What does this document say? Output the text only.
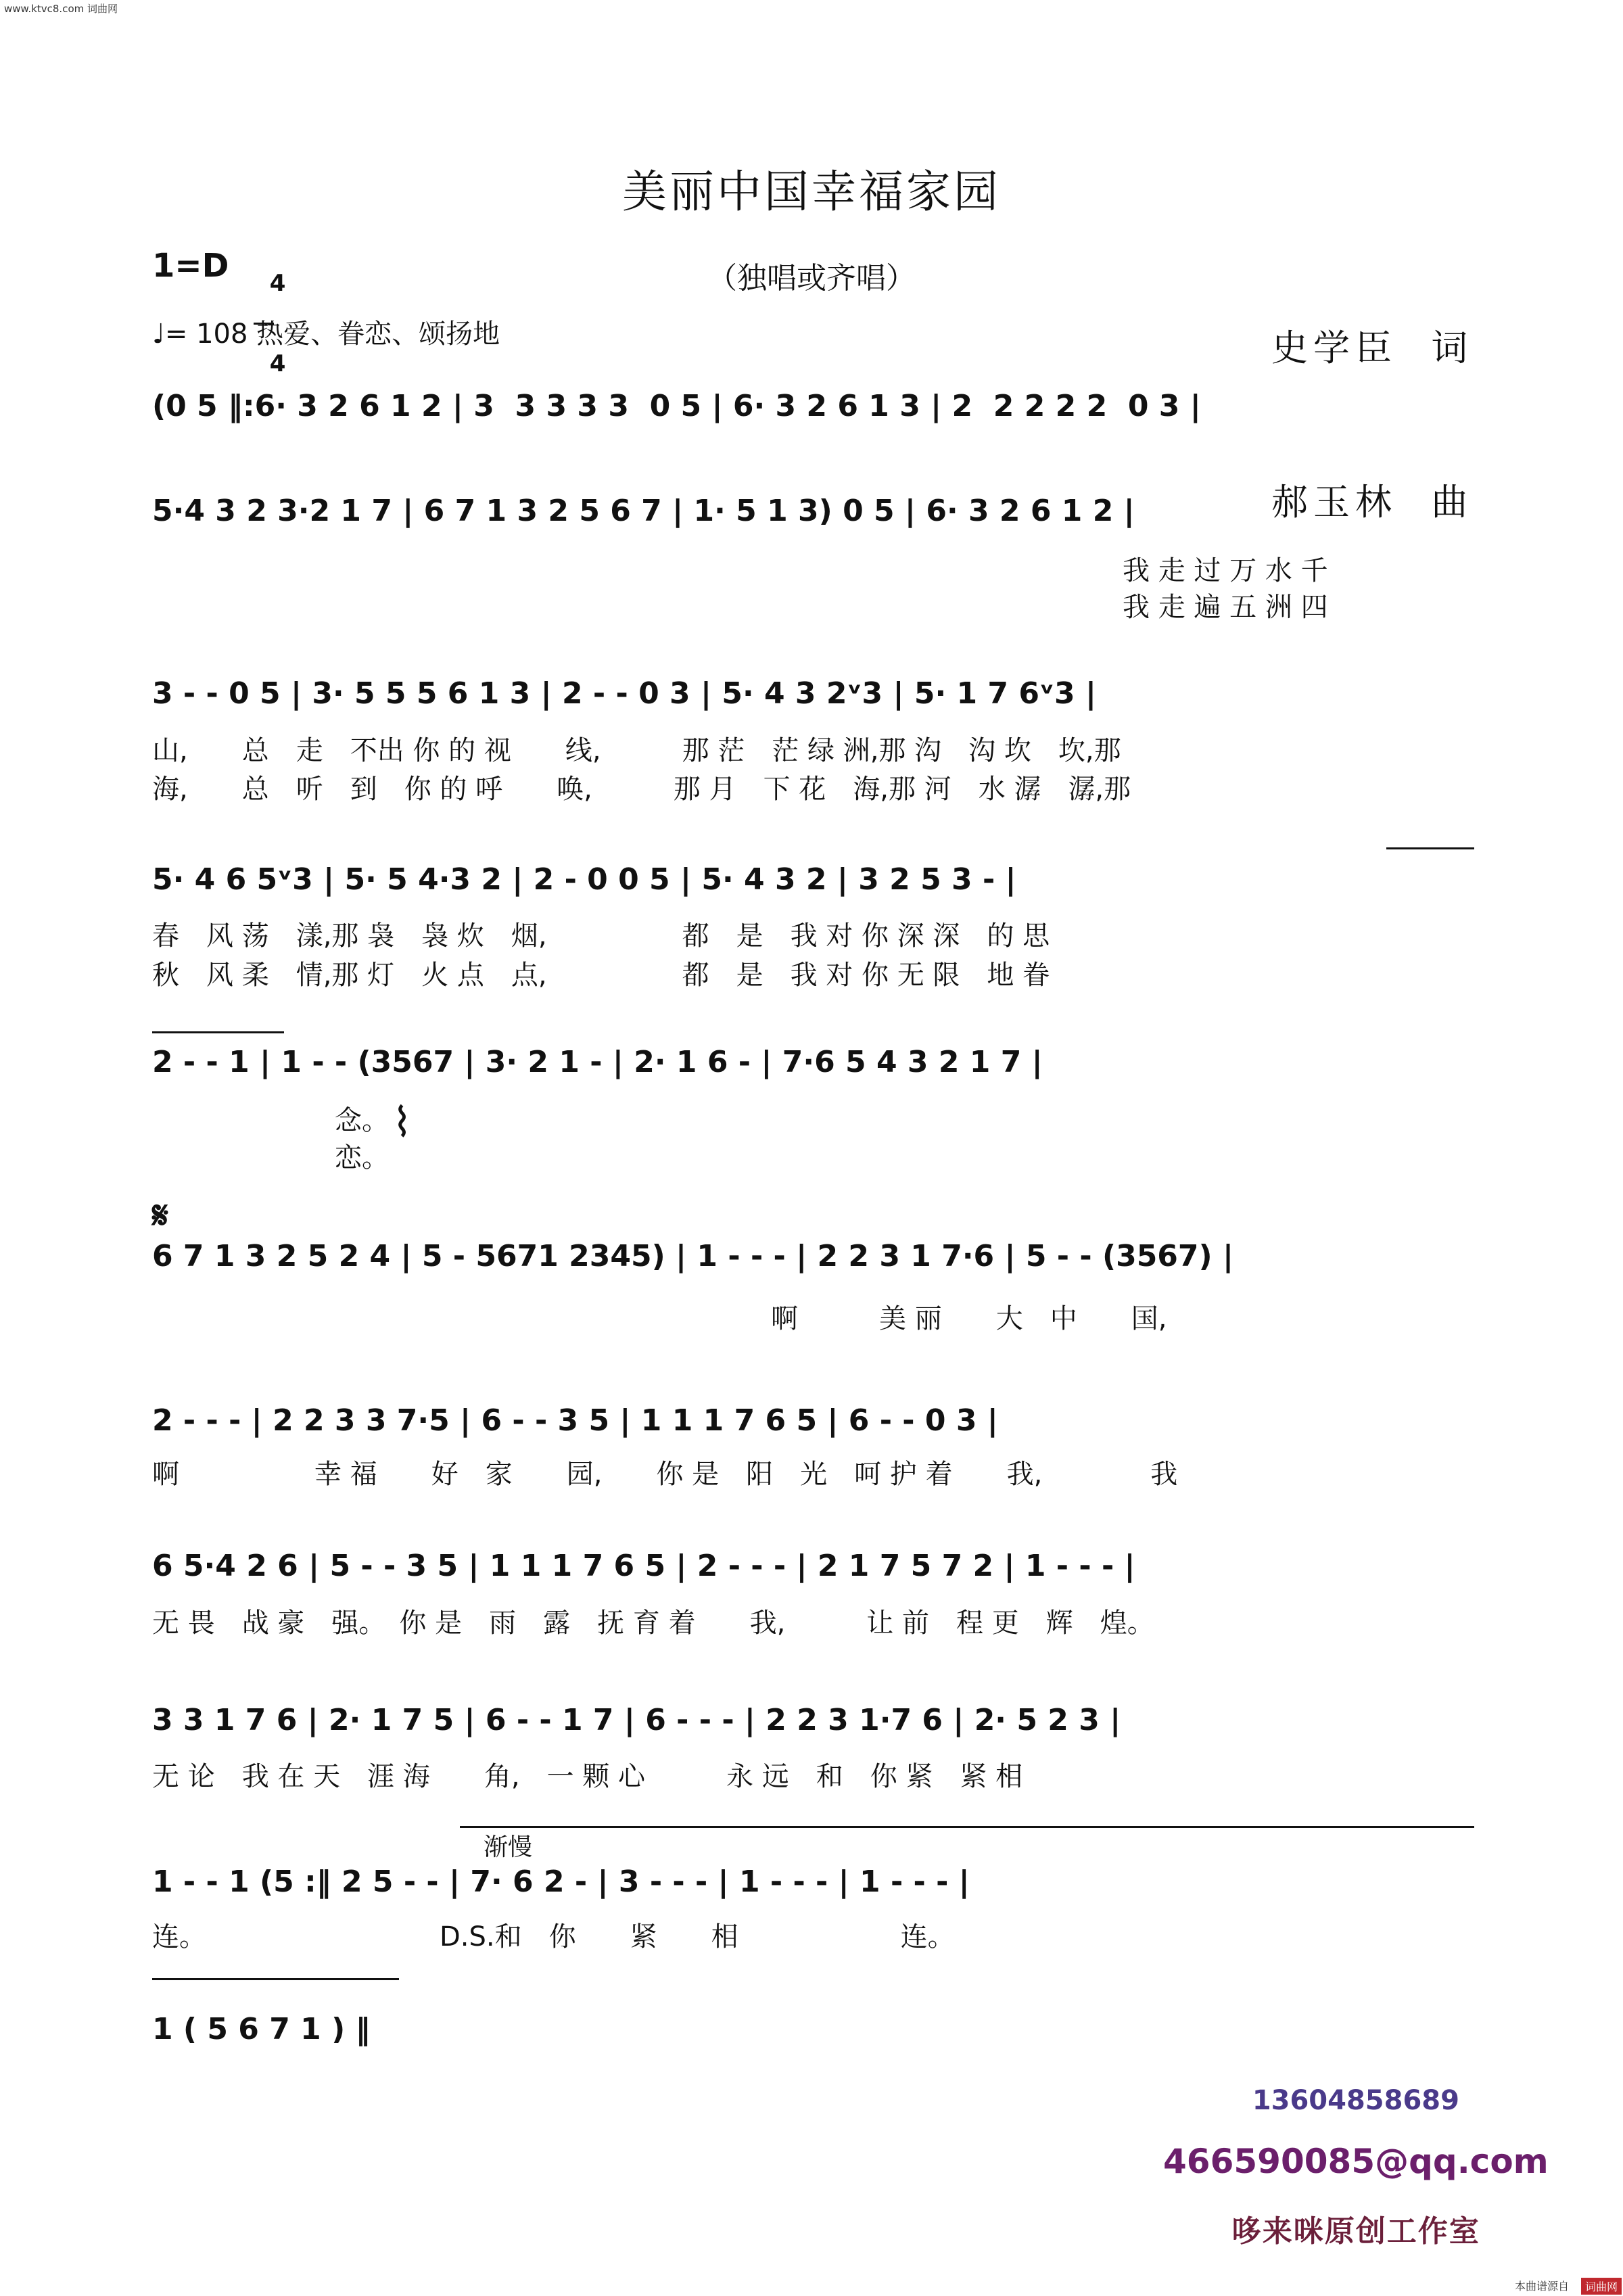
www.ktvc8.com 词曲网
美丽中国幸福家园
1=D	4

4

（独唱或齐唱）

史学臣  词

郝玉林  曲

♩= 108 热爱、眷恋、颂扬地
(0 5 ‖:6· 3 2 6 1 2 | 3  3 3 3 3  0 5 | 6· 3 2 6 1 3 | 2  2 2 2 2  0 3 |
5·4 3 2 3·2 1 7 | 6 7 1 3 2 5 6 7 | 1· 5 1 3) 0 5 | 6· 3 2 6 1 2 |
我 走 过 万 水 千
我 走 遍 五 洲 四
3 - - 0 5 | 3· 5 5 5 6 1 3 | 2 - - 0 3 | 5· 4 3 2ᵛ3 | 5· 1 7 6ᵛ3 |
山,　　总　走　不出 你 的 视　　线,　　　那 茫　茫 绿 洲,那 沟　沟 坎　坎,那
海,　　总　听　到　你 的 呼　　唤,　　　那 月　下 花　海,那 河　水 潺　潺,那
5· 4 6 5ᵛ3 | 5· 5 4·3 2 | 2 - 0 0 5 | 5· 4 3 2 | 3 2 5 3 - |
春　风 荡　漾,那 袅　袅 炊　烟,　　　　　都　是　我 对 你 深 深　的 思
秋　风 柔　情,那 灯　火 点　点,　　　　　都　是　我 对 你 无 限　地 眷
2 - - 1 | 1 - - (3567 | 3· 2 1 - | 2· 1 6 - | 7·6 5 4 3 2 1 7 |
念。
恋。
⌇
𝄋
6 7 1 3 2 5 2 4 | 5 - 5671 2345) | 1 - - - | 2 2 3 1 7·6 | 5 - - (3567) |
啊　　　美 丽　　大　中　　国,
2 - - - | 2 2 3 3 7·5 | 6 - - 3 5 | 1 1 1 7 6 5 | 6 - - 0 3 |
啊　　　　　幸 福　　好　家　　园,　　你 是　阳　光　呵 护 着　　我,　　　　我
6 5·4 2 6 | 5 - - 3 5 | 1 1 1 7 6 5 | 2 - - - | 2 1 7 5 7 2 | 1 - - - |
无 畏　战 豪　强。　你 是　雨　露　抚 育 着　　我,　　　让 前　程 更　辉　煌。
3 3 1 7 6 | 2· 1 7 5 | 6 - - 1 7 | 6 - - - | 2 2 3 1·7 6 | 2· 5 2 3 |
无 论　我 在 天　涯 海　　角,　一 颗 心　　　永 远　和　你 紧　紧 相
渐慢
1 - - 1 (5 :‖ 2 5 - - | 7· 6 2 - | 3 - - - | 1 - - - | 1 - - - |
连。	D.S.和　你　　紧　　相　　　　　　连。
1 ( 5 6 7 1 ) ‖

13604858689

466590085@qq.com

哆来咪原创工作室

本曲谱源自	词曲网
